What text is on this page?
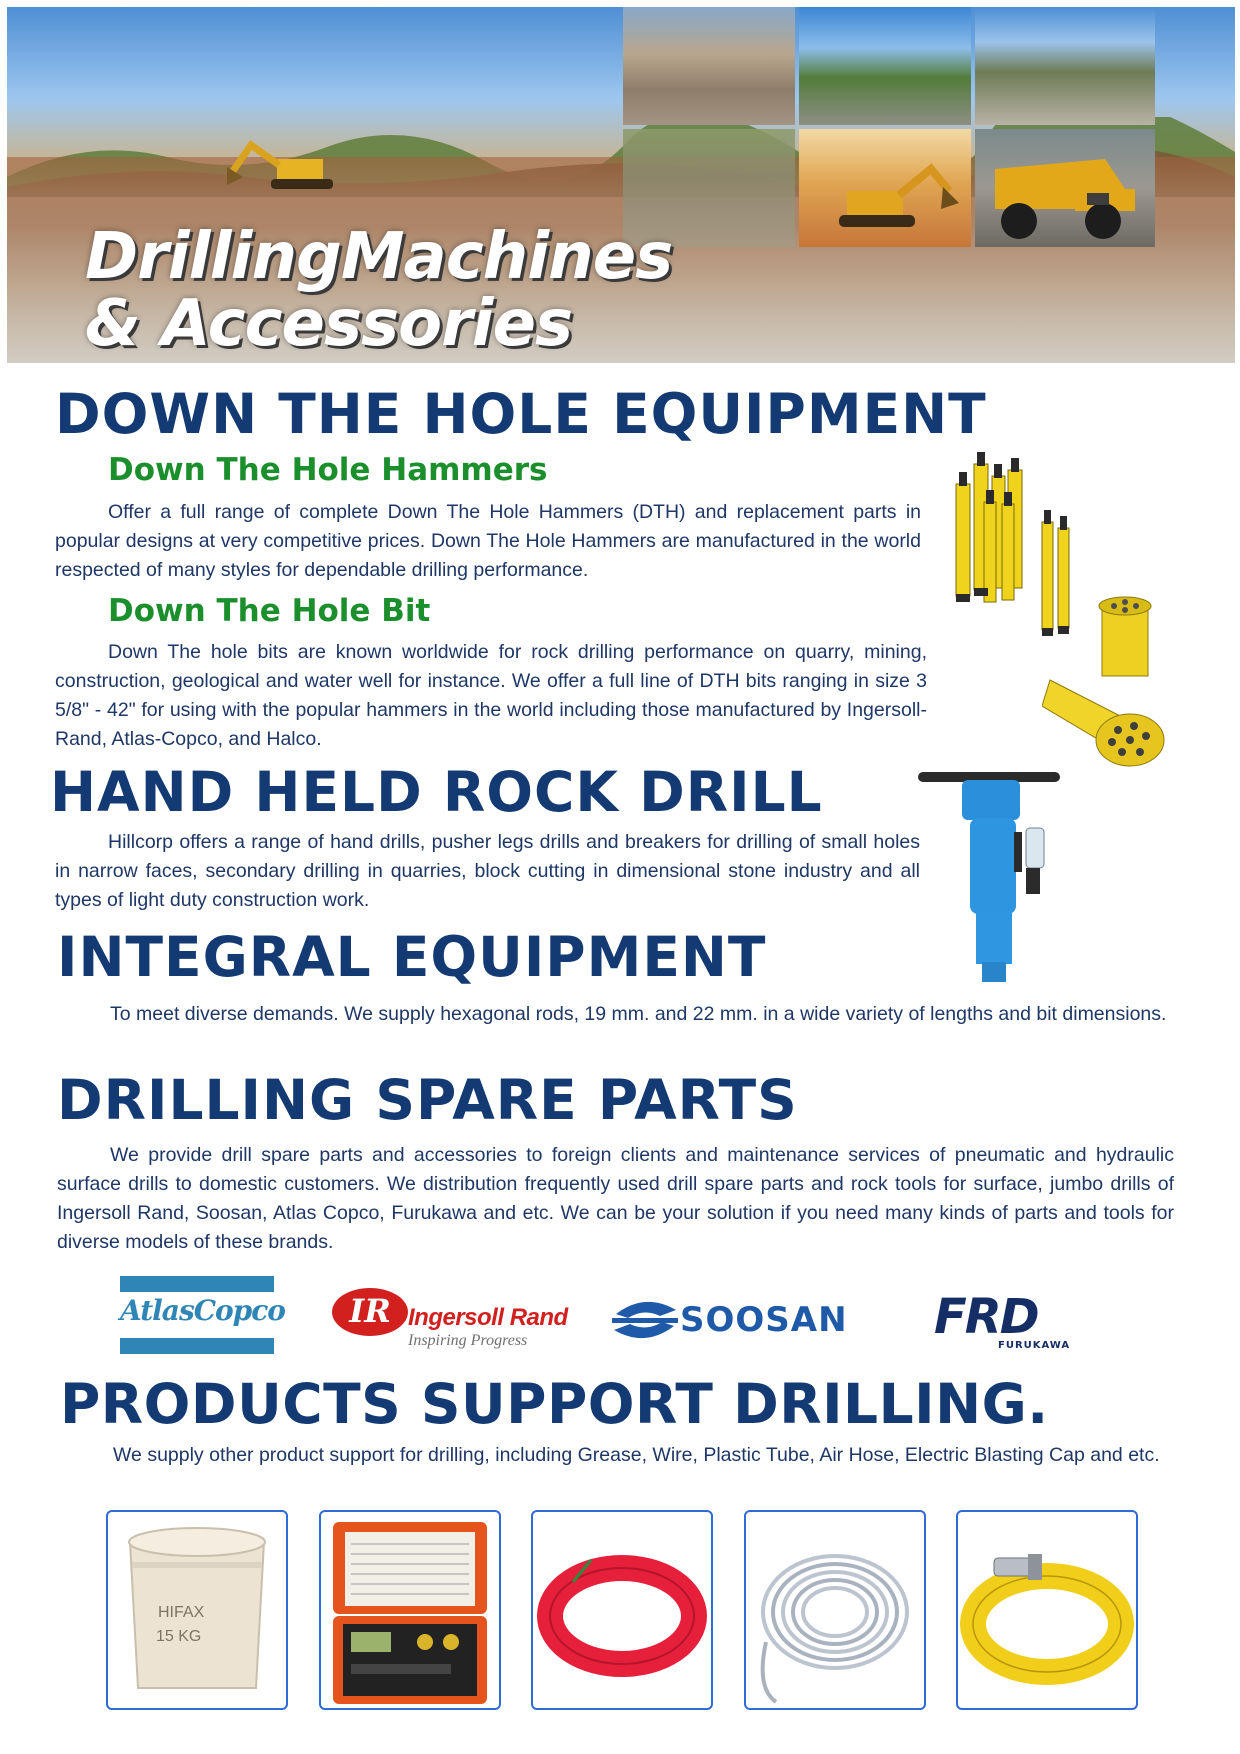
DrillingMachines
& Accessories
DOWN THE HOLE EQUIPMENT
Down The Hole Hammers
Offer a full range of complete Down The Hole Hammers (DTH) and replacement parts in popular designs at very competitive prices. Down The Hole Hammers are manufactured in the world respected of many styles for dependable drilling performance.
Down The Hole Bit
Down The hole bits are known worldwide for rock drilling performance on quarry, mining, construction, geological and water well for instance. We offer a full line of DTH bits ranging in size 3 5/8" - 42" for using with the popular hammers in the world including those manufactured by Ingersoll-Rand, Atlas-Copco, and Halco.
HAND HELD ROCK DRILL
Hillcorp offers a range of hand drills, pusher legs drills and breakers for drilling of small holes in narrow faces, secondary drilling in quarries, block cutting in dimensional stone industry and all types of light duty construction work.
INTEGRAL EQUIPMENT
To meet diverse demands. We supply hexagonal rods, 19 mm. and 22 mm. in a wide variety of lengths and bit dimensions.
DRILLING SPARE PARTS
We provide drill spare parts and accessories to foreign clients and maintenance services of pneumatic and hydraulic surface drills to domestic customers. We distribution frequently used drill spare parts and rock tools for surface, jumbo drills of Ingersoll Rand, Soosan, Atlas Copco, Furukawa and etc. We can be your solution if you need many kinds of parts and tools for diverse models of these brands.
AtlasCopco	IR Ingersoll Rand
Inspiring Progress
SOOSAN FRD
FURUKAWA
PRODUCTS SUPPORT DRILLING.
We supply other product support for drilling, including Grease, Wire, Plastic Tube, Air Hose, Electric Blasting Cap and etc.
HIFAX
15 KG
